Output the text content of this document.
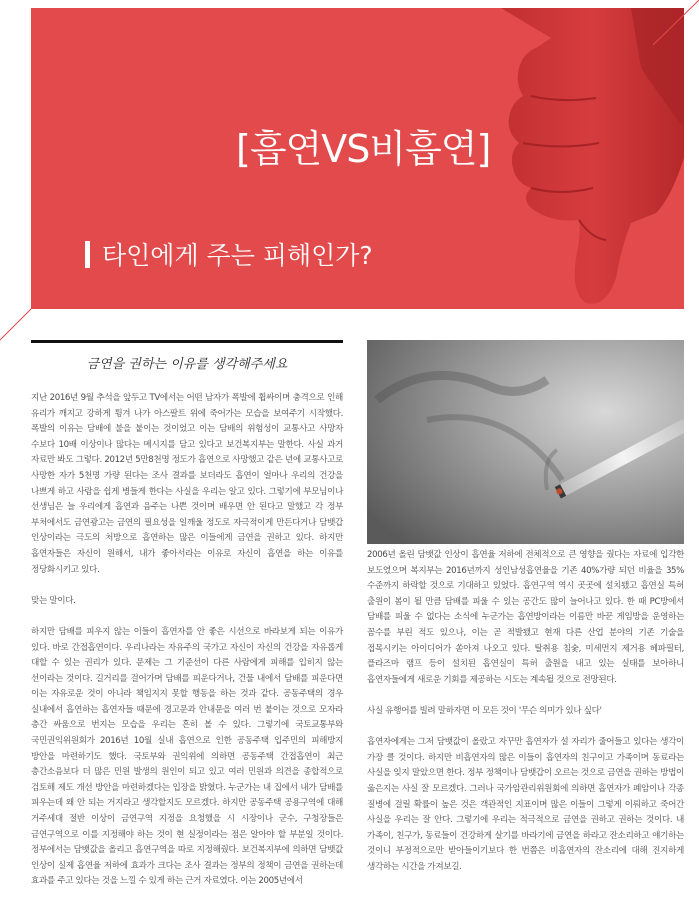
[흡연VS비흡연]
타인에게 주는 피해인가?
금연을 권하는 이유를 생각해주세요

지난 2016년 9월 추석을 앞두고 TV에서는 어떤 남자가 폭발에 휩싸이며 충격으로 인해 유리가 깨지고 강하게 튕겨 나가 아스팔트 위에 죽어가는 모습을 보여주기 시작했다. 폭발의 이유는 담배에 불을 붙이는 것이었고 이는 담배의 위험성이 교통사고 사망자 수보다 10배 이상이나 많다는 메시지를 담고 있다고 보건복지부는 말한다. 사실 과거 자료만 봐도 그렇다. 2012년 5만8천명 정도가 흡연으로 사망했고 같은 년에 교통사고로 사망한 자가 5천명 가량 된다는 조사 결과를 보더라도 흡연이 얼마나 우리의 건강을 나쁘게 하고 사람을 쉽게 병들게 한다는 사실을 우리는 알고 있다. 그렇기에 부모님이나 선생님은 늘 우리에게 흡연과 음주는 나쁜 것이며 배우면 안 된다고 말했고 각 정부 부처에서도 금연광고는 금연의 필요성을 일깨울 정도로 자극적이게 만든다거나 담뱃갑 인상이라는 극도의 처방으로 흡연하는 많은 이들에게 금연을 권하고 있다. 하지만 흡연자들은 자신이 원해서, 내가 좋아서라는 이유로 자신이 흡연을 하는 이유를 정당화시키고 있다.

맞는 말이다.

하지만 담배를 피우지 않는 이들이 흡연자를 안 좋은 시선으로 바라보게 되는 이유가 있다. 바로 간접흡연이다. 우리나라는 자유주의 국가고 자신이 자신의 건강을 자유롭게 대할 수 있는 권리가 있다. 문제는 그 기준선이 다른 사람에게 피해를 입히지 않는 선이라는 것이다. 길거리를 걸어가며 담배를 피운다거나, 건물 내에서 담배를 피운다면 이는 자유로운 것이 아니라 책임지지 못할 행동을 하는 것과 같다. 공동주택의 경우 실내에서 흡연하는 흡연자들 때문에 경고문과 안내문을 여러 번 붙이는 것으로 모자라 층간 싸움으로 번지는 모습을 우리는 흔히 볼 수 있다. 그렇기에 국토교통부와 국민권익위원회가 2016년 10월 실내 흡연으로 인한 공동주택 입주민의 피해방지 방안을 마련하기도 했다. 국토부와 권익위에 의하면 공동주택 간접흡연이 최근 층간소음보다 더 많은 민원 발생의 원인이 되고 있고 여러 민원과 의견을 종합적으로 검토해 제도 개선 방안을 마련하겠다는 입장을 밝혔다. 누군가는 내 집에서 내가 담배를 피우는데 왜 안 되는 거지라고 생각할지도 모르겠다. 하지만 공동주택 공용구역에 대해 거주세대 절반 이상이 금연구역 지정을 요청했을 시 시장이나 군수, 구청장들은 금연구역으로 이를 지정해야 하는 것이 현 실정이라는 점은 알아야 할 부분일 것이다. 정부에서는 담뱃값을 올리고 흡연구역을 따로 지정해줬다. 보건복지부에 의하면 담뱃값 인상이 실제 흡연율 저하에 효과가 크다는 조사 결과는 정부의 정책이 금연을 권하는데 효과를 주고 있다는 것을 느낄 수 있게 하는 근거 자료였다. 이는 2005년에서

2006년 올린 담뱃값 인상이 흡연율 저하에 전체적으로 큰 영향을 줬다는 자료에 입각한 보도였으며 복지부는 2016년까지 성인남성흡연율을 기존 40%가량 되던 비율을 35% 수준까지 하락할 것으로 기대하고 있었다. 흡연구역 역시 곳곳에 설치됐고 흡연실 특허 출원이 봄이 될 만큼 담배를 피울 수 있는 공간도 많이 늘어나고 있다. 한 때 PC방에서 담배를 피울 수 없다는 소식에 누군가는 흡연방이라는 이름만 바꾼 게임방을 운영하는 꼼수를 부린 적도 있으나, 이는 곧 적발됐고 현재 다른 산업 분야의 기존 기술을 접목시키는 아이디어가 쏟아져 나오고 있다. 탈취용 침숯, 미세먼지 제거용 헤파필터, 플라즈마 램프 등이 설치된 흡연실이 특허 출원을 내고 있는 실태를 보아하니 흡연자들에게 새로운 기회를 제공하는 시도는 계속될 것으로 전망된다.

사실 유행어를 빌려 말하자면 이 모든 것이 '무슨 의미가 있나 싶다'

흡연자에게는 그저 담뱃값이 올랐고 자꾸만 흡연자가 설 자리가 줄어들고 있다는 생각이 가장 클 것이다. 하지만 비흡연자의 많은 이들이 흡연자의 친구이고 가족이며 동료라는 사실을 잊지 말았으면 한다. 정부 정책이나 담뱃갑이 오르는 것으로 금연을 권하는 방법이 옳은지는 사실 잘 모르겠다. 그러나 국가암관리위원회에 의하면 흡연자가 폐암이나 각종 질병에 걸릴 확률이 높은 것은 객관적인 지표이며 많은 이들이 그렇게 이뤄하고 죽어간 사실을 우리는 잘 안다. 그렇기에 우리는 적극적으로 금연을 권하고 권하는 것이다. 내 가족이, 친구가, 동료들이 건강하게 살기를 바라기에 금연을 하라고 잔소리하고 얘기하는 것이니 부정적으로만 받아들이기보다 한 번쯤은 비흡연자의 잔소리에 대해 진지하게 생각하는 시간을 가져보길.
